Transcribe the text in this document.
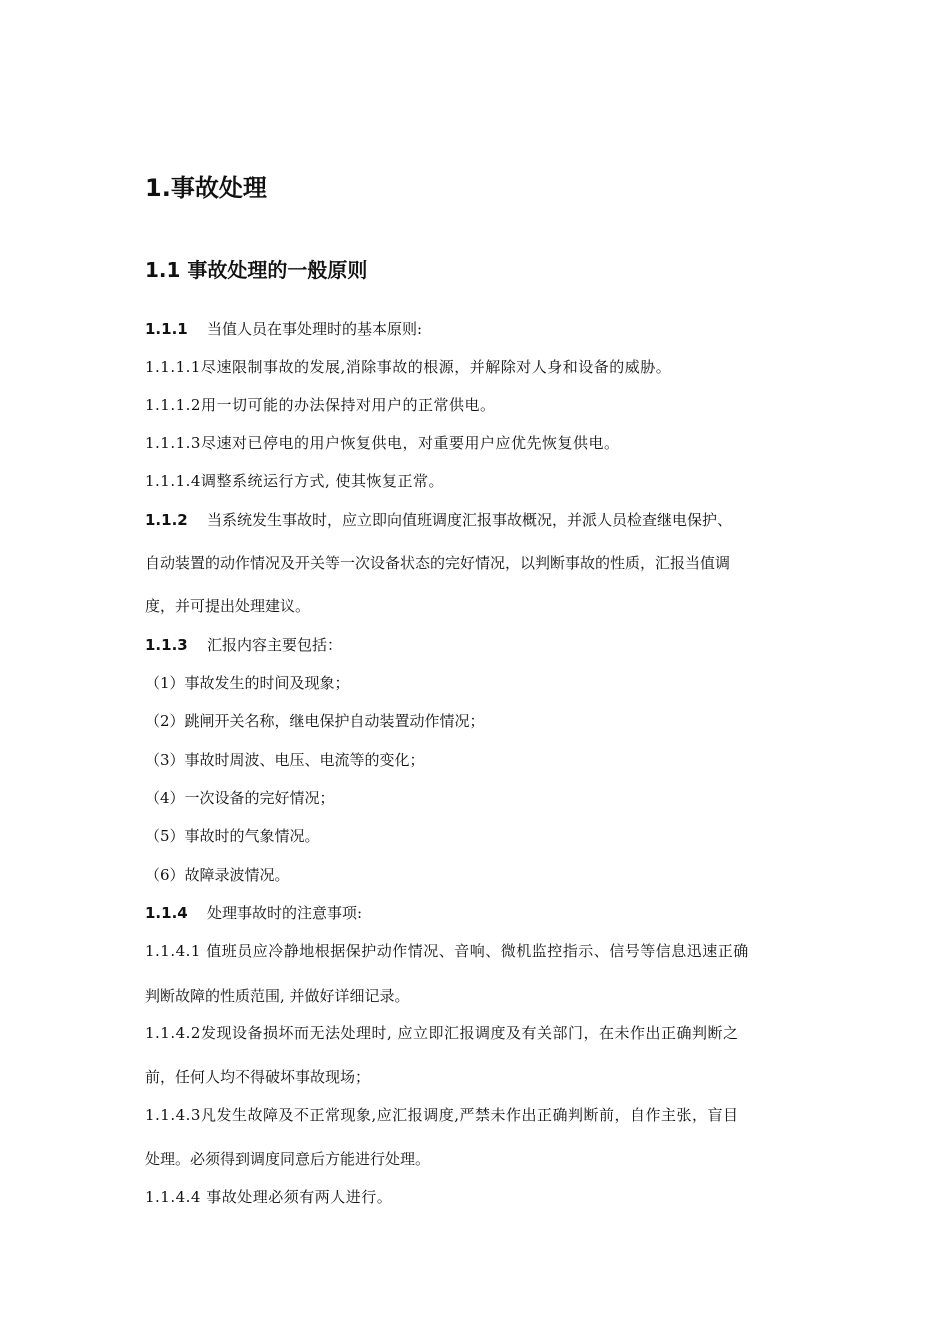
1.事故处理
1.1 事故处理的一般原则
1.1.1 当值人员在事处理时的基本原则:
1.1.1.1尽速限制事故的发展,消除事故的根源，并解除对人身和设备的威胁。
1.1.1.2用一切可能的办法保持对用户的正常供电。
1.1.1.3尽速对已停电的用户恢复供电，对重要用户应优先恢复供电。
1.1.1.4调整系统运行方式, 使其恢复正常。
1.1.2 当系统发生事故时，应立即向值班调度汇报事故概况，并派人员检查继电保护、
自动装置的动作情况及开关等一次设备状态的完好情况，以判断事故的性质，汇报当值调
度，并可提出处理建议。
1.1.3 汇报内容主要包括：
（1）事故发生的时间及现象；
（2）跳闸开关名称，继电保护自动装置动作情况；
（3）事故时周波、电压、电流等的变化；
（4）一次设备的完好情况；
（5）事故时的气象情况。
（6）故障录波情况。
1.1.4 处理事故时的注意事项:
1.1.4.1 值班员应冷静地根据保护动作情况、音响、微机监控指示、信号等信息迅速正确
判断故障的性质范围, 并做好详细记录。
1.1.4.2发现设备损坏而无法处理时, 应立即汇报调度及有关部门，在未作出正确判断之
前，任何人均不得破坏事故现场；
1.1.4.3凡发生故障及不正常现象,应汇报调度,严禁未作出正确判断前，自作主张，盲目
处理。必须得到调度同意后方能进行处理。
1.1.4.4 事故处理必须有两人进行。
